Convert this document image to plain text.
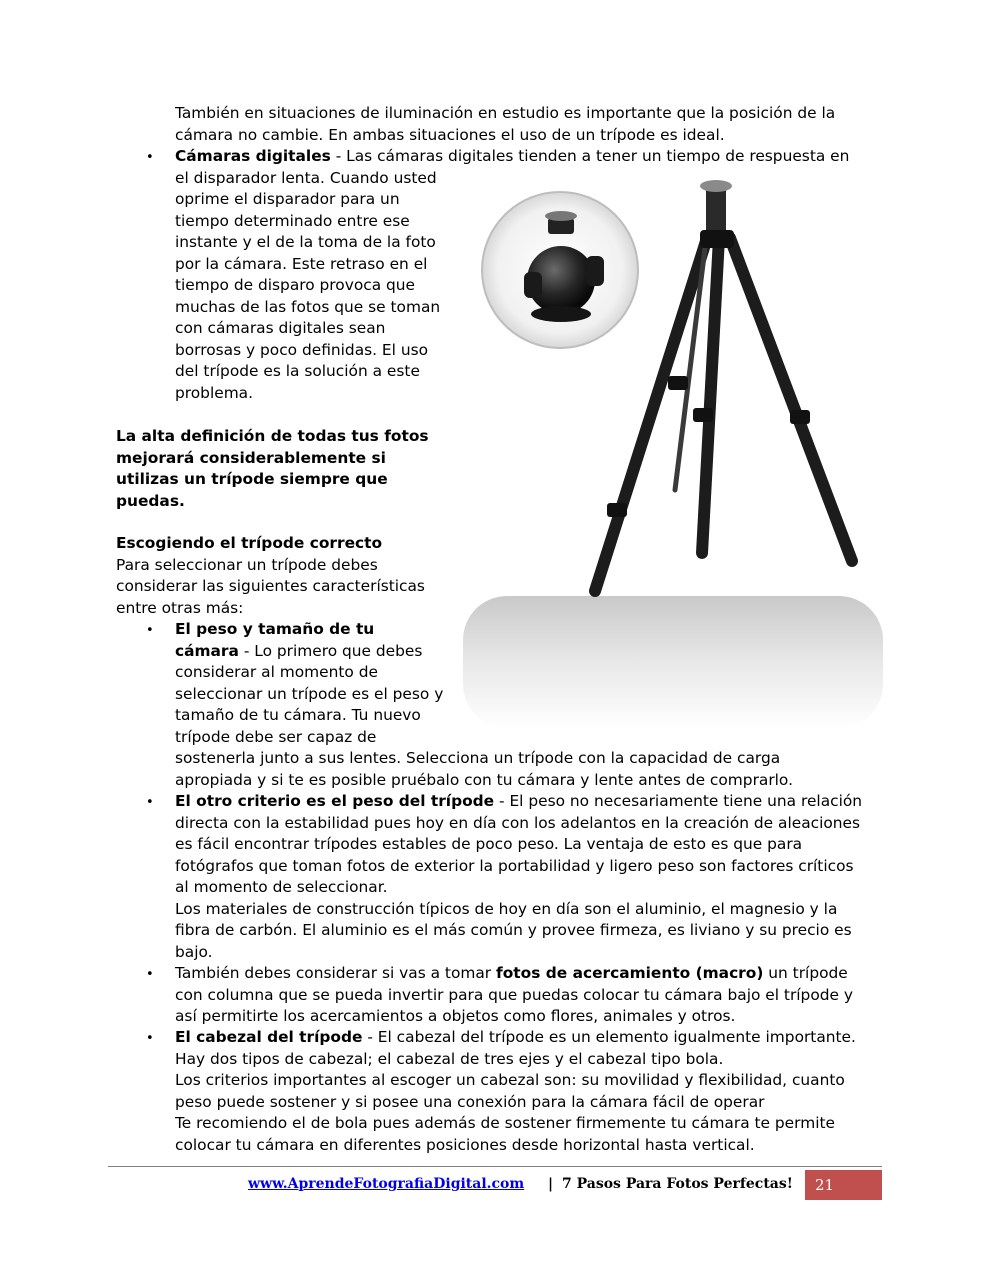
También en situaciones de iluminación en estudio es importante que la posición de la
cámara no cambie. En ambas situaciones el uso de un trípode es ideal.
• Cámaras digitales - Las cámaras digitales tienden a tener un tiempo de respuesta en
el disparador lenta. Cuando usted
oprime el disparador para un
tiempo determinado entre ese
instante y el de la toma de la foto
por la cámara. Este retraso en el
tiempo de disparo provoca que
muchas de las fotos que se toman
con cámaras digitales sean
borrosas y poco definidas. El uso
del trípode es la solución a este
problema.
La alta definición de todas tus fotos
mejorará considerablemente si
utilizas un trípode siempre que
puedas.
Escogiendo el trípode correcto
Para seleccionar un trípode debes
considerar las siguientes características
entre otras más:
• El peso y tamaño de tu
cámara - Lo primero que debes
considerar al momento de
seleccionar un trípode es el peso y
tamaño de tu cámara. Tu nuevo
trípode debe ser capaz de
sostenerla junto a sus lentes. Selecciona un trípode con la capacidad de carga
apropiada y si te es posible pruébalo con tu cámara y lente antes de comprarlo.
• El otro criterio es el peso del trípode - El peso no necesariamente tiene una relación
directa con la estabilidad pues hoy en día con los adelantos en la creación de aleaciones
es fácil encontrar trípodes estables de poco peso. La ventaja de esto es que para
fotógrafos que toman fotos de exterior la portabilidad y ligero peso son factores críticos
al momento de seleccionar.
Los materiales de construcción típicos de hoy en día son el aluminio, el magnesio y la
fibra de carbón. El aluminio es el más común y provee firmeza, es liviano y su precio es
bajo.
• También debes considerar si vas a tomar fotos de acercamiento (macro) un trípode
con columna que se pueda invertir para que puedas colocar tu cámara bajo el trípode y
así permitirte los acercamientos a objetos como flores, animales y otros.
• El cabezal del trípode - El cabezal del trípode es un elemento igualmente importante.
Hay dos tipos de cabezal; el cabezal de tres ejes y el cabezal tipo bola.
Los criterios importantes al escoger un cabezal son: su movilidad y flexibilidad, cuanto
peso puede sostener y si posee una conexión para la cámara fácil de operar
Te recomiendo el de bola pues además de sostener firmemente tu cámara te permite
colocar tu cámara en diferentes posiciones desde horizontal hasta vertical.
www.AprendeFotografiaDigital.com | 7 Pasos Para Fotos Perfectas! 21
